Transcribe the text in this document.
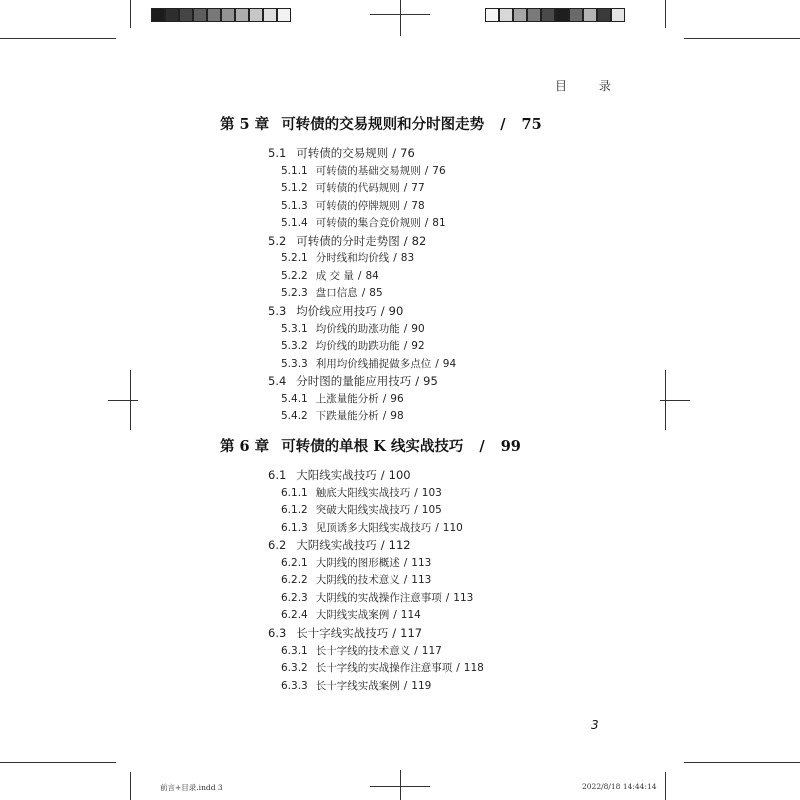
目 录
第 5 章 可转债的交易规则和分时图走势 / 75
5.1 可转债的交易规则 / 76
5.1.1 可转债的基础交易规则 / 76
5.1.2 可转债的代码规则 / 77
5.1.3 可转债的停牌规则 / 78
5.1.4 可转债的集合竞价规则 / 81
5.2 可转债的分时走势图 / 82
5.2.1 分时线和均价线 / 83
5.2.2 成 交 量 / 84
5.2.3 盘口信息 / 85
5.3 均价线应用技巧 / 90
5.3.1 均价线的助涨功能 / 90
5.3.2 均价线的助跌功能 / 92
5.3.3 利用均价线捕捉做多点位 / 94
5.4 分时图的量能应用技巧 / 95
5.4.1 上涨量能分析 / 96
5.4.2 下跌量能分析 / 98
第 6 章 可转债的单根 K 线实战技巧 / 99
6.1 大阳线实战技巧 / 100
6.1.1 触底大阳线实战技巧 / 103
6.1.2 突破大阳线实战技巧 / 105
6.1.3 见顶诱多大阳线实战技巧 / 110
6.2 大阴线实战技巧 / 112
6.2.1 大阴线的图形概述 / 113
6.2.2 大阴线的技术意义 / 113
6.2.3 大阴线的实战操作注意事项 / 113
6.2.4 大阴线实战案例 / 114
6.3 长十字线实战技巧 / 117
6.3.1 长十字线的技术意义 / 117
6.3.2 长十字线的实战操作注意事项 / 118
6.3.3 长十字线实战案例 / 119
3
前言+目录.indd 3	2022/8/18 14:44:14
